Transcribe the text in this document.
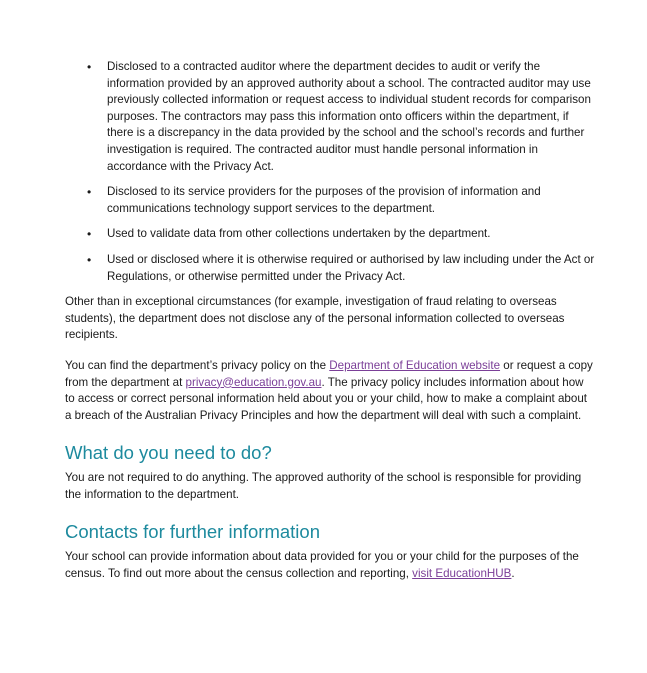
• Disclosed to a contracted auditor where the department decides to audit or verify the information provided by an approved authority about a school. The contracted auditor may use previously collected information or request access to individual student records for comparison purposes. The contractors may pass this information onto officers within the department, if there is a discrepancy in the data provided by the school and the school’s records and further investigation is required. The contracted auditor must handle personal information in accordance with the Privacy Act.
• Disclosed to its service providers for the purposes of the provision of information and communications technology support services to the department.
• Used to validate data from other collections undertaken by the department.
• Used or disclosed where it is otherwise required or authorised by law including under the Act or Regulations, or otherwise permitted under the Privacy Act.

Other than in exceptional circumstances (for example, investigation of fraud relating to overseas students), the department does not disclose any of the personal information collected to overseas recipients.

You can find the department’s privacy policy on the Department of Education website or request a copy from the department at privacy@education.gov.au. The privacy policy includes information about how to access or correct personal information held about you or your child, how to make a complaint about a breach of the Australian Privacy Principles and how the department will deal with such a complaint.

What do you need to do?

You are not required to do anything. The approved authority of the school is responsible for providing the information to the department.

Contacts for further information

Your school can provide information about data provided for you or your child for the purposes of the census. To find out more about the census collection and reporting, visit EducationHUB.
